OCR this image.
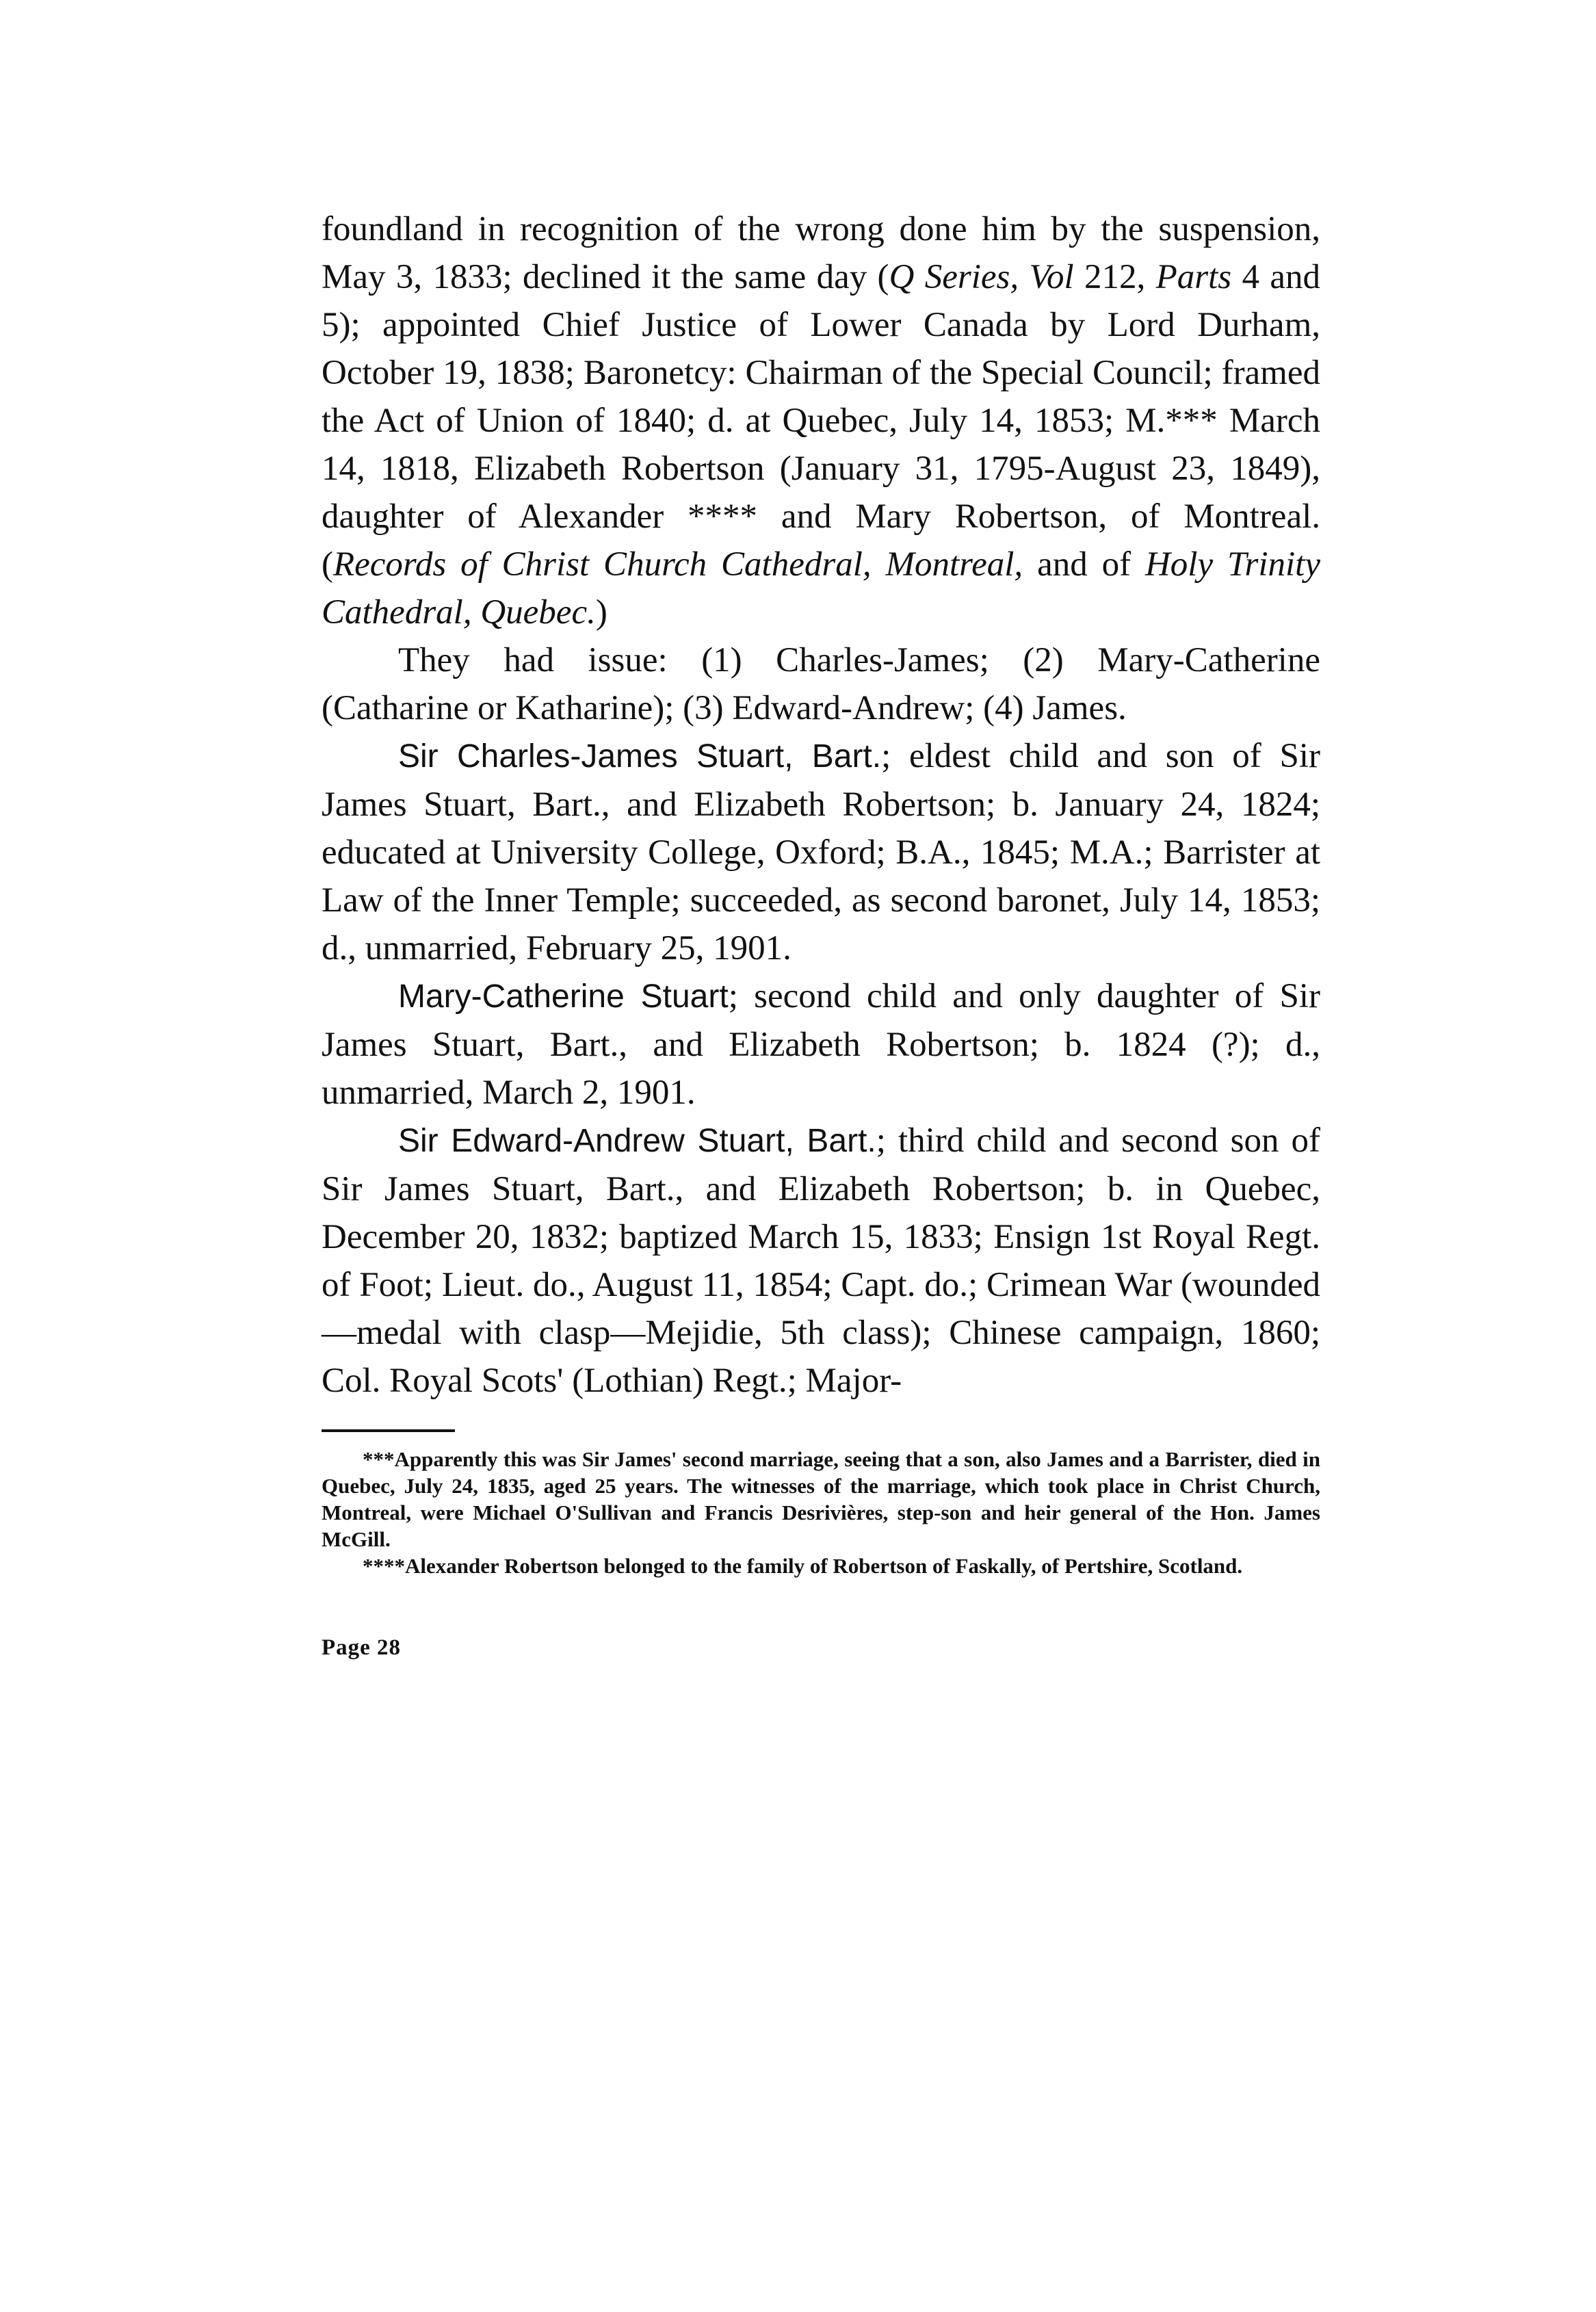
foundland in recognition of the wrong done him by the suspension, May 3, 1833; declined it the same day (Q Series, Vol 212, Parts 4 and 5); appointed Chief Justice of Lower Canada by Lord Durham, October 19, 1838; Baronetcy: Chairman of the Special Council; framed the Act of Union of 1840; d. at Quebec, July 14, 1853; M.*** March 14, 1818, Elizabeth Robertson (January 31, 1795-August 23, 1849), daughter of Alexander **** and Mary Robertson, of Montreal. (Records of Christ Church Cathedral, Montreal, and of Holy Trinity Cathedral, Quebec.)

They had issue: (1) Charles-James; (2) Mary-Catherine (Catharine or Katharine); (3) Edward-Andrew; (4) James.

Sir Charles-James Stuart, Bart.; eldest child and son of Sir James Stuart, Bart., and Elizabeth Robertson; b. January 24, 1824; educated at University College, Oxford; B.A., 1845; M.A.; Barrister at Law of the Inner Temple; succeeded, as second baronet, July 14, 1853; d., unmarried, February 25, 1901.

Mary-Catherine Stuart; second child and only daughter of Sir James Stuart, Bart., and Elizabeth Robertson; b. 1824 (?); d., unmarried, March 2, 1901.

Sir Edward-Andrew Stuart, Bart.; third child and second son of Sir James Stuart, Bart., and Elizabeth Robertson; b. in Quebec, December 20, 1832; baptized March 15, 1833; Ensign 1st Royal Regt. of Foot; Lieut. do., August 11, 1854; Capt. do.; Crimean War (wounded—medal with clasp—Mejidie, 5th class); Chinese campaign, 1860; Col. Royal Scots' (Lothian) Regt.; Major-

***Apparently this was Sir James' second marriage, seeing that a son, also James and a Barrister, died in Quebec, July 24, 1835, aged 25 years. The witnesses of the marriage, which took place in Christ Church, Montreal, were Michael O'Sullivan and Francis Desrivières, step-son and heir general of the Hon. James McGill.

****Alexander Robertson belonged to the family of Robertson of Faskally, of Pertshire, Scotland.

Page 28
